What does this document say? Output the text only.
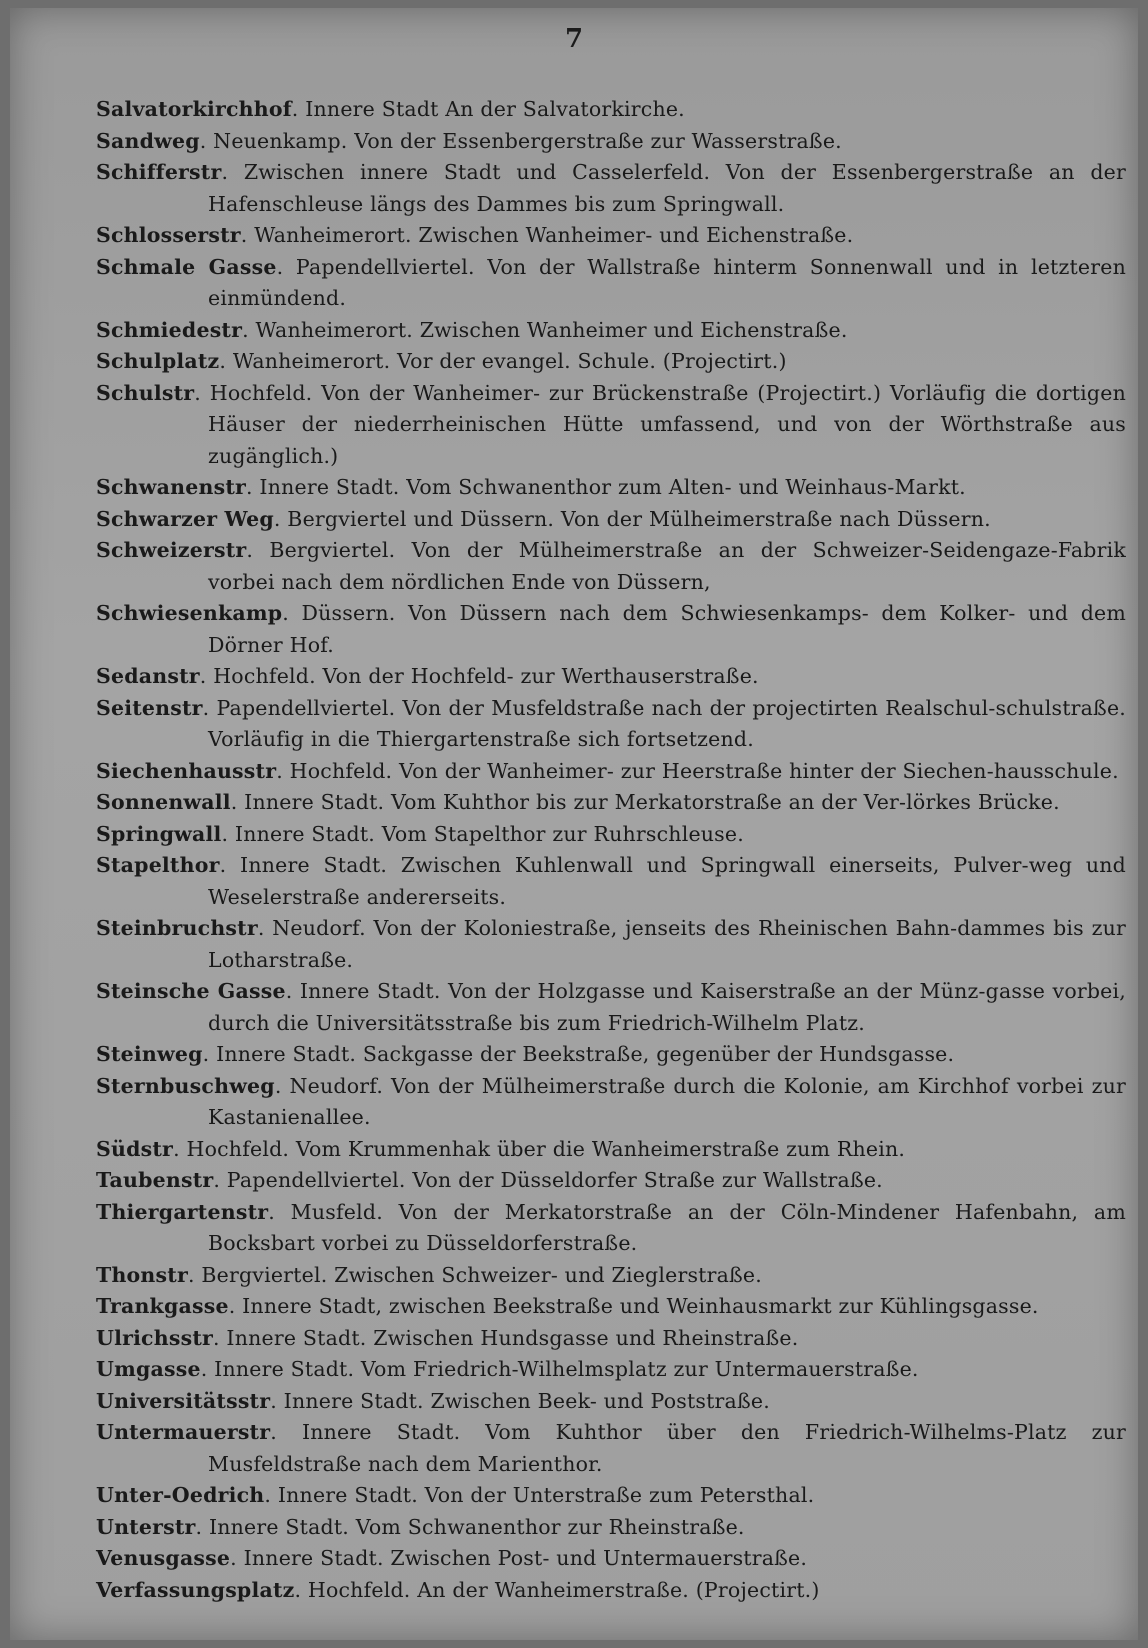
7
Salvatorkirchhof. Innere Stadt An der Salvatorkirche.
Sandweg. Neuenkamp. Von der Essenbergerstraße zur Wasserstraße.
Schifferstr. Zwischen innere Stadt und Casselerfeld. Von der Essenbergerstraße an der Hafenschleuse längs des Dammes bis zum Springwall.
Schlosserstr. Wanheimerort. Zwischen Wanheimer- und Eichenstraße.
Schmale Gasse. Papendellviertel. Von der Wallstraße hinterm Sonnenwall und in letzteren einmündend.
Schmiedestr. Wanheimerort. Zwischen Wanheimer und Eichenstraße.
Schulplatz. Wanheimerort. Vor der evangel. Schule. (Projectirt.)
Schulstr. Hochfeld. Von der Wanheimer- zur Brückenstraße (Projectirt.) Vorläufig die dortigen Häuser der niederrheinischen Hütte umfassend, und von der Wörthstraße aus zugänglich.)
Schwanenstr. Innere Stadt. Vom Schwanenthor zum Alten- und Weinhaus-Markt.
Schwarzer Weg. Bergviertel und Düssern. Von der Mülheimerstraße nach Düssern.
Schweizerstr. Bergviertel. Von der Mülheimerstraße an der Schweizer-Seidengaze-Fabrik vorbei nach dem nördlichen Ende von Düssern,
Schwiesenkamp. Düssern. Von Düssern nach dem Schwiesenkamps- dem Kolker- und dem Dörner Hof.
Sedanstr. Hochfeld. Von der Hochfeld- zur Werthauserstraße.
Seitenstr. Papendellviertel. Von der Musfeldstraße nach der projectirten Realschul-schulstraße. Vorläufig in die Thiergartenstraße sich fortsetzend.
Siechenhausstr. Hochfeld. Von der Wanheimer- zur Heerstraße hinter der Siechen-hausschule.
Sonnenwall. Innere Stadt. Vom Kuhthor bis zur Merkatorstraße an der Ver-lörkes Brücke.
Springwall. Innere Stadt. Vom Stapelthor zur Ruhrschleuse.
Stapelthor. Innere Stadt. Zwischen Kuhlenwall und Springwall einerseits, Pulver-weg und Weselerstraße andererseits.
Steinbruchstr. Neudorf. Von der Koloniestraße, jenseits des Rheinischen Bahn-dammes bis zur Lotharstraße.
Steinsche Gasse. Innere Stadt. Von der Holzgasse und Kaiserstraße an der Münz-gasse vorbei, durch die Universitätsstraße bis zum Friedrich-Wilhelm Platz.
Steinweg. Innere Stadt. Sackgasse der Beekstraße, gegenüber der Hundsgasse.
Sternbuschweg. Neudorf. Von der Mülheimerstraße durch die Kolonie, am Kirchhof vorbei zur Kastanienallee.
Südstr. Hochfeld. Vom Krummenhak über die Wanheimerstraße zum Rhein.
Taubenstr. Papendellviertel. Von der Düsseldorfer Straße zur Wallstraße.
Thiergartenstr. Musfeld. Von der Merkatorstraße an der Cöln-Mindener Hafenbahn, am Bocksbart vorbei zu Düsseldorferstraße.
Thonstr. Bergviertel. Zwischen Schweizer- und Zieglerstraße.
Trankgasse. Innere Stadt, zwischen Beekstraße und Weinhausmarkt zur Kühlingsgasse.
Ulrichsstr. Innere Stadt. Zwischen Hundsgasse und Rheinstraße.
Umgasse. Innere Stadt. Vom Friedrich-Wilhelmsplatz zur Untermauerstraße.
Universitätsstr. Innere Stadt. Zwischen Beek- und Poststraße.
Untermauerstr. Innere Stadt. Vom Kuhthor über den Friedrich-Wilhelms-Platz zur Musfeldstraße nach dem Marienthor.
Unter-Oedrich. Innere Stadt. Von der Unterstraße zum Petersthal.
Unterstr. Innere Stadt. Vom Schwanenthor zur Rheinstraße.
Venusgasse. Innere Stadt. Zwischen Post- und Untermauerstraße.
Verfassungsplatz. Hochfeld. An der Wanheimerstraße. (Projectirt.)
